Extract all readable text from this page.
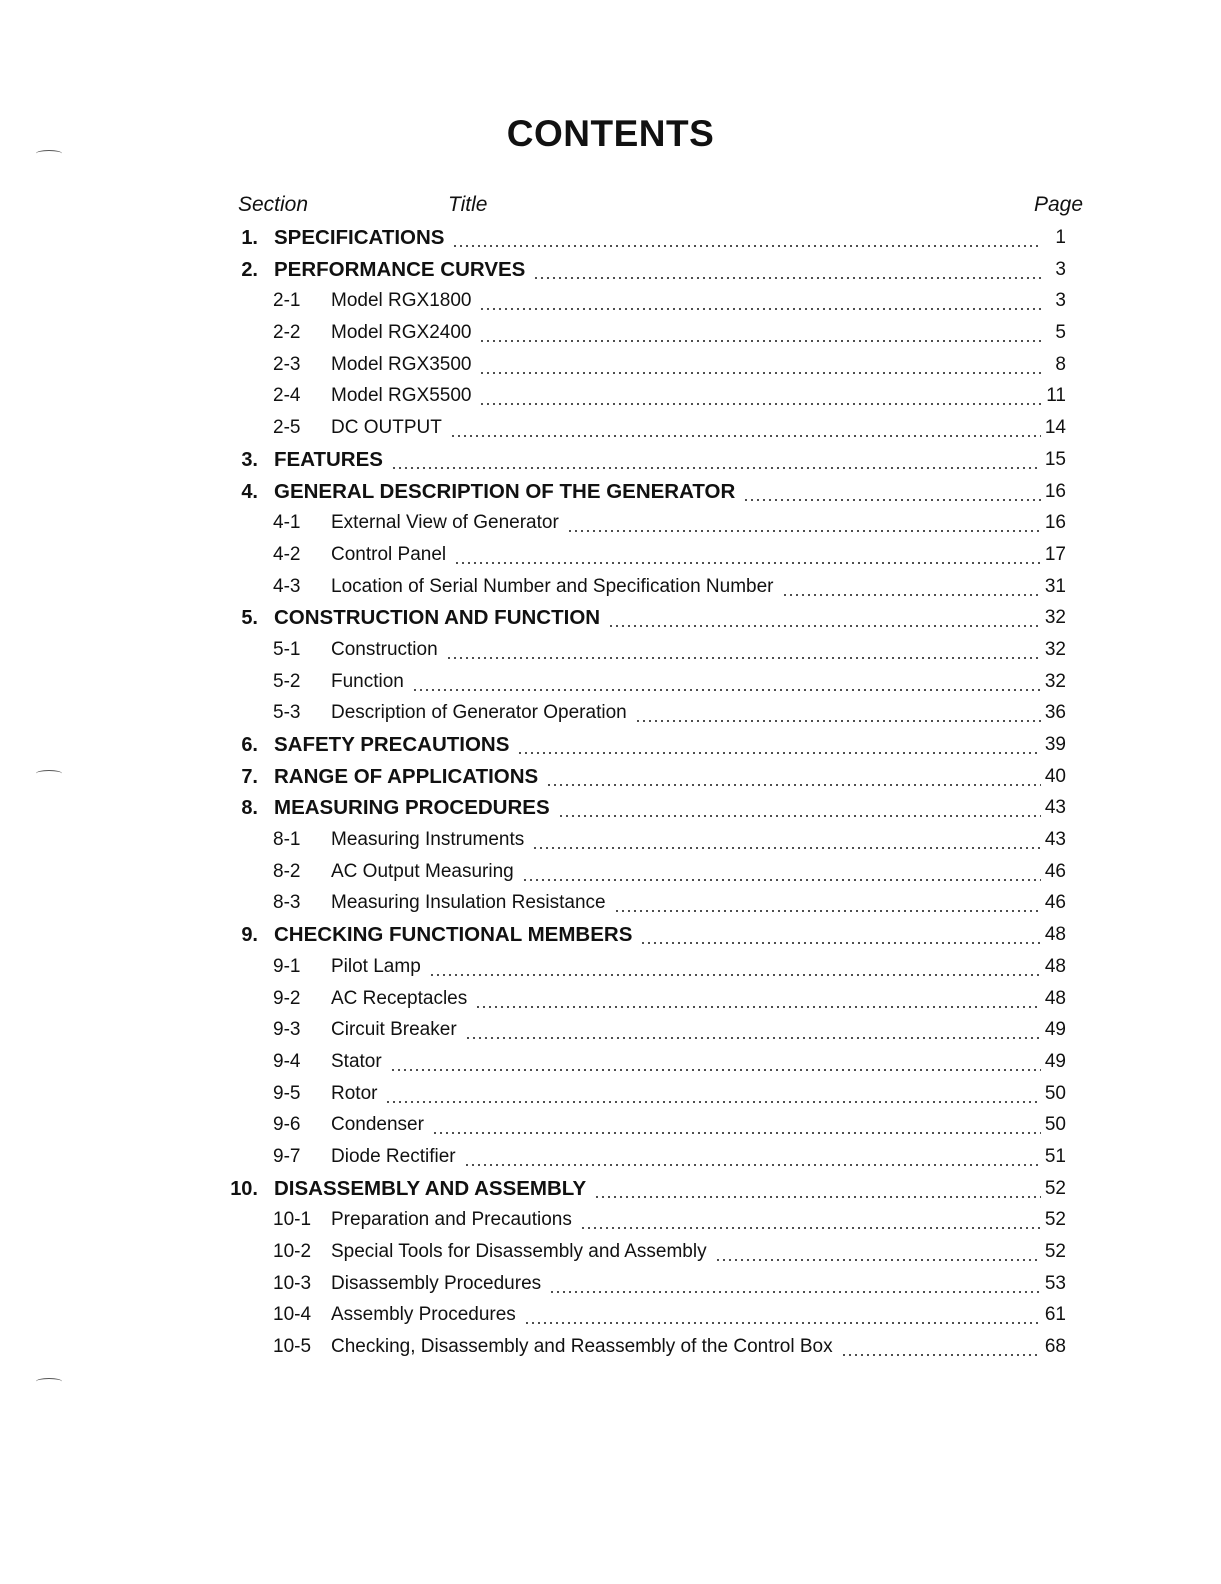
CONTENTS
Section	Title	Page
1. SPECIFICATIONS	1
2. PERFORMANCE CURVES	3
2-1 Model RGX1800	3
2-2 Model RGX2400	5
2-3 Model RGX3500	8
2-4 Model RGX5500	11
2-5 DC OUTPUT	14
3. FEATURES	15
4. GENERAL DESCRIPTION OF THE GENERATOR	16
4-1 External View of Generator	16
4-2 Control Panel	17
4-3 Location of Serial Number and Specification Number	31
5. CONSTRUCTION AND FUNCTION	32
5-1 Construction	32
5-2 Function	32
5-3 Description of Generator Operation	36
6. SAFETY PRECAUTIONS	39
7. RANGE OF APPLICATIONS	40
8. MEASURING PROCEDURES	43
8-1 Measuring Instruments	43
8-2 AC Output Measuring	46
8-3 Measuring Insulation Resistance	46
9. CHECKING FUNCTIONAL MEMBERS	48
9-1 Pilot Lamp	48
9-2 AC Receptacles	48
9-3 Circuit Breaker	49
9-4 Stator	49
9-5 Rotor	50
9-6 Condenser	50
9-7 Diode Rectifier	51
10. DISASSEMBLY AND ASSEMBLY	52
10-1 Preparation and Precautions	52
10-2 Special Tools for Disassembly and Assembly	52
10-3 Disassembly Procedures	53
10-4 Assembly Procedures	61
10-5 Checking, Disassembly and Reassembly of the Control Box	68
